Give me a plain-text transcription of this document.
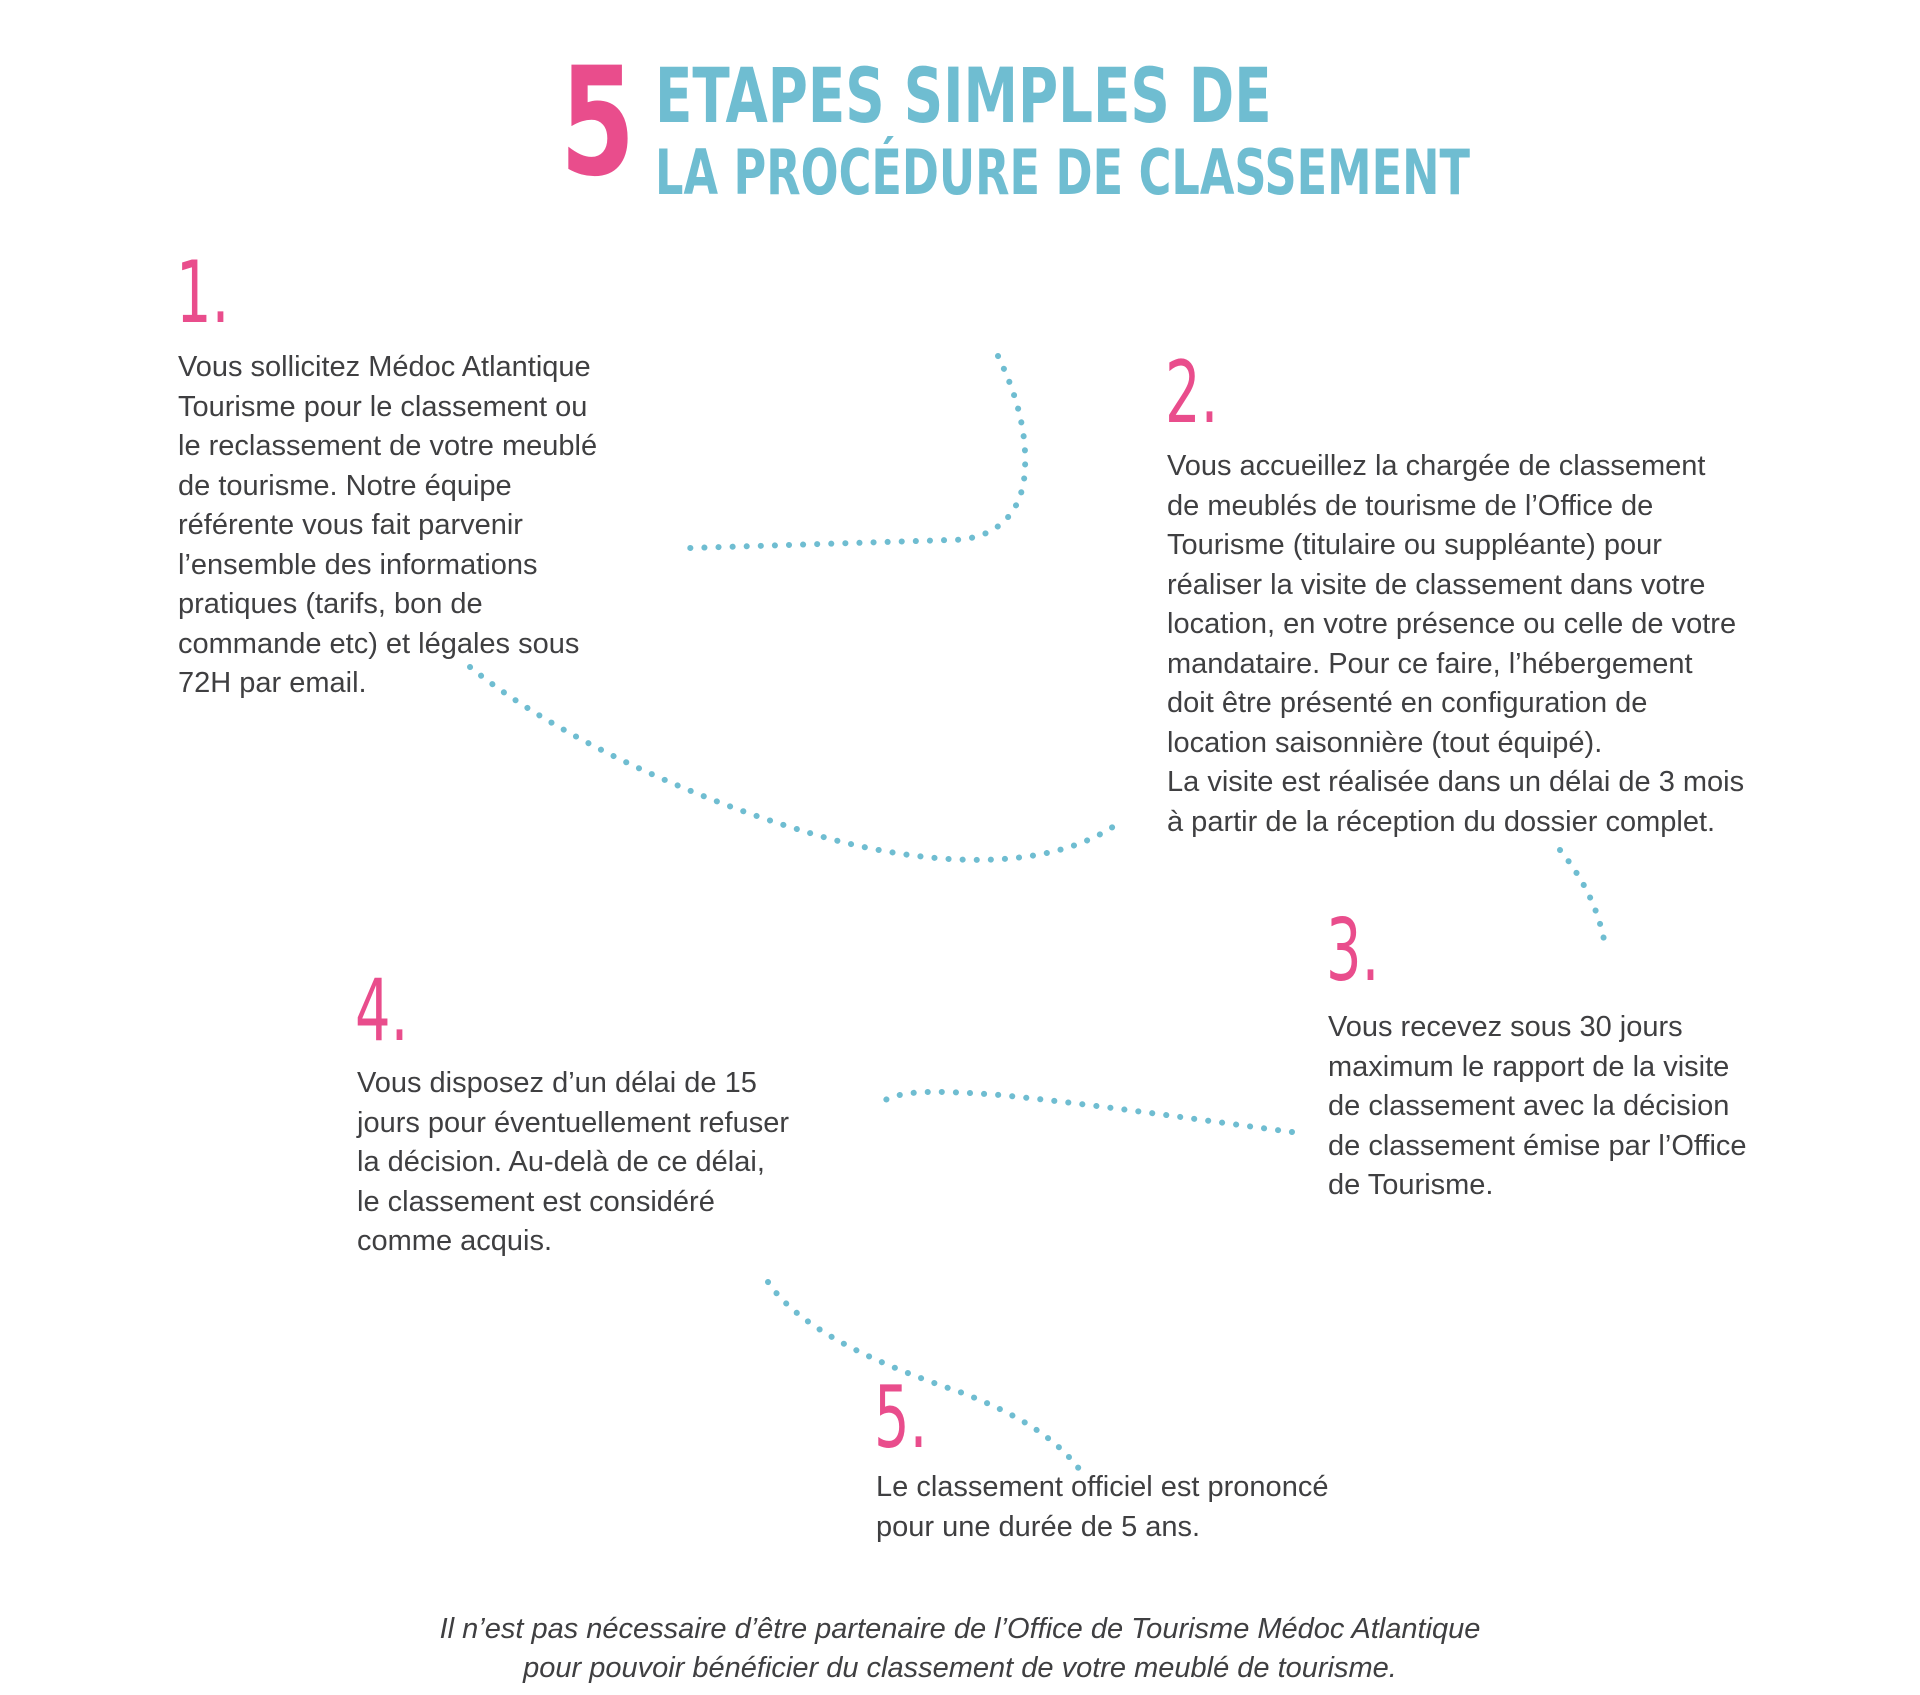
5 ETAPES SIMPLES DE
LA PROCÉDURE DE CLASSEMENT
1.
Vous sollicitez Médoc Atlantique
Tourisme pour le classement ou
le reclassement de votre meublé
de tourisme. Notre équipe
référente vous fait parvenir
l’ensemble des informations
pratiques (tarifs, bon de
commande etc) et légales sous
72H par email.
2.
Vous accueillez la chargée de classement
de meublés de tourisme de l’Office de
Tourisme (titulaire ou suppléante) pour
réaliser la visite de classement dans votre
location, en votre présence ou celle de votre
mandataire. Pour ce faire, l’hébergement
doit être présenté en configuration de
location saisonnière (tout équipé).
La visite est réalisée dans un délai de 3 mois
à partir de la réception du dossier complet.
3.
Vous recevez sous 30 jours
maximum le rapport de la visite
de classement avec la décision
de classement émise par l’Office
de Tourisme.
4.
Vous disposez d’un délai de 15
jours pour éventuellement refuser
la décision. Au-delà de ce délai,
le classement est considéré
comme acquis.
5.
Le classement officiel est prononcé
pour une durée de 5 ans.
Il n’est pas nécessaire d’être partenaire de l’Office de Tourisme Médoc Atlantique
pour pouvoir bénéficier du classement de votre meublé de tourisme.
